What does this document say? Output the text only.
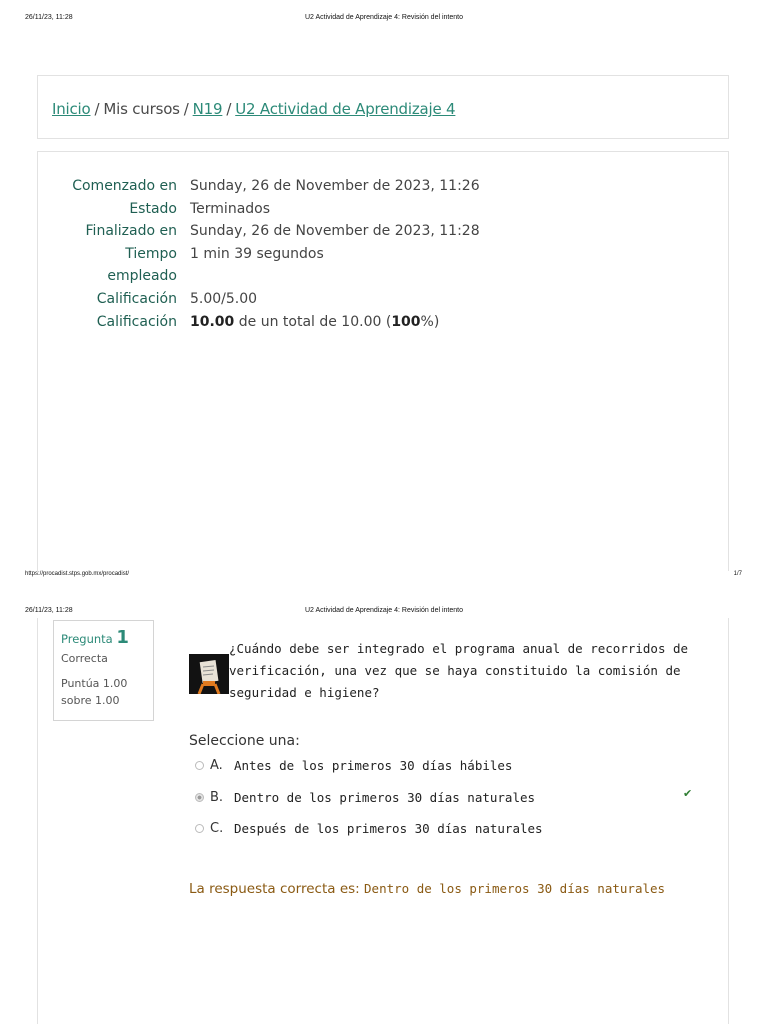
26/11/23, 11:28	U2 Actividad de Aprendizaje 4: Revisión del intento
Inicio / Mis cursos / N19 / U2 Actividad de Aprendizaje 4
Comenzado en Sunday, 26 de November de 2023, 11:26
Estado Terminados
Finalizado en Sunday, 26 de November de 2023, 11:28
Tiempo
empleado
1 min 39 segundos
Calificación 5.00/5.00
Calificación 10.00 de un total de 10.00 (100%)
https://procadist.stps.gob.mx/procadist/	1/7
26/11/23, 11:28	U2 Actividad de Aprendizaje 4: Revisión del intento
Pregunta 1
Correcta
Puntúa 1.00 sobre 1.00
¿Cuándo debe ser integrado el programa anual de recorridos de verificación, una vez que se haya constituido la comisión de seguridad e higiene?
Seleccione una:
A. Antes de los primeros 30 días hábiles
B. Dentro de los primeros 30 días naturales	✔
C. Después de los primeros 30 días naturales
La respuesta correcta es: Dentro de los primeros 30 días naturales
